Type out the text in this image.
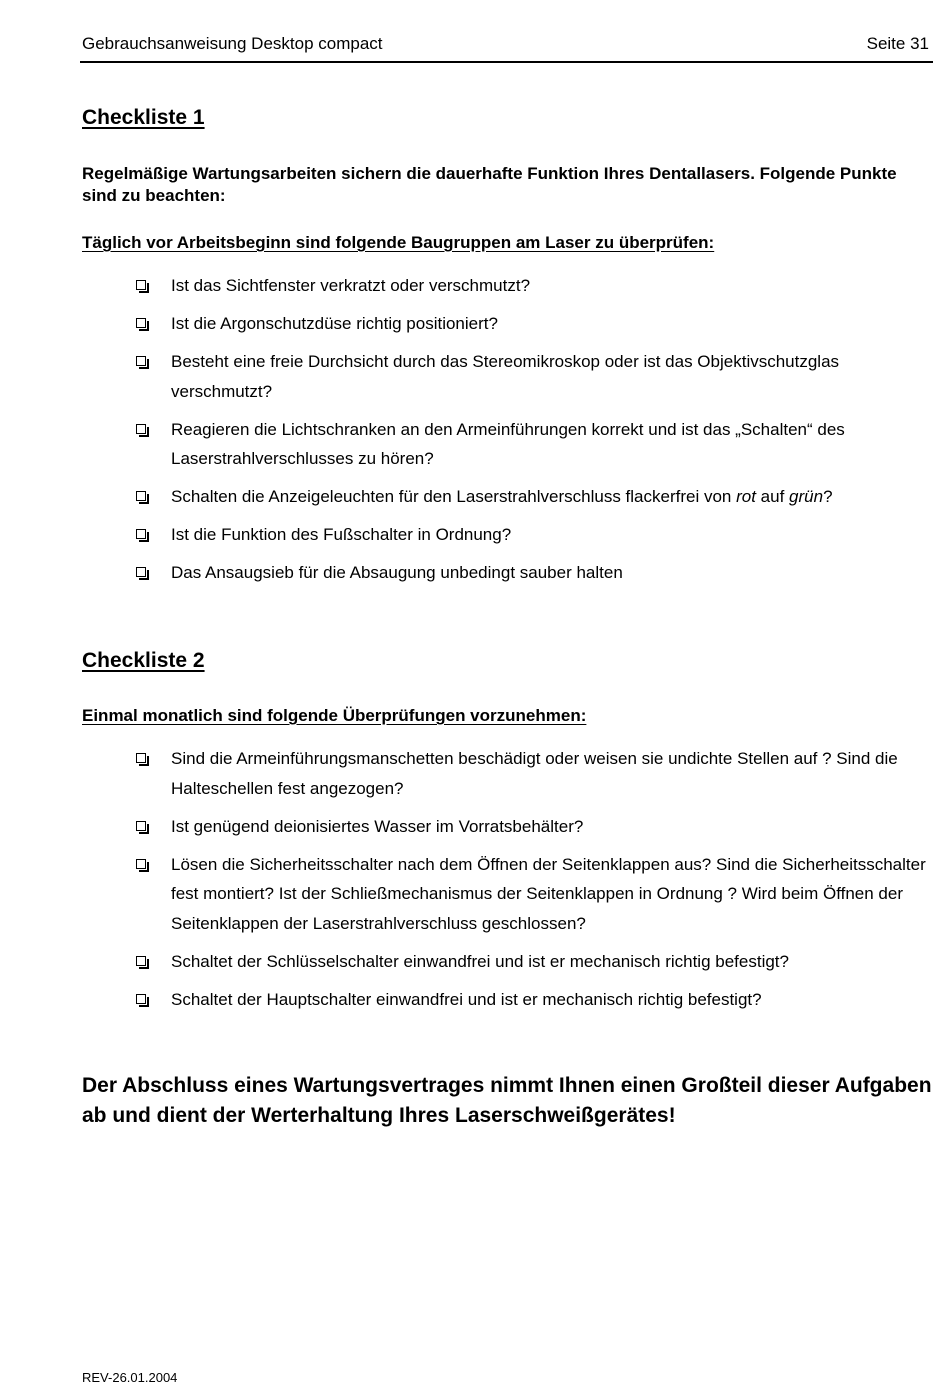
Gebrauchsanweisung Desktop compact	Seite 31
Checkliste 1
Regelmäßige Wartungsarbeiten sichern die dauerhafte Funktion Ihres Dentallasers. Folgende Punkte sind zu beachten:
Täglich vor Arbeitsbeginn sind folgende Baugruppen am Laser zu überprüfen:
Ist das Sichtfenster verkratzt oder verschmutzt?
Ist die Argonschutzdüse richtig positioniert?
Besteht eine freie Durchsicht durch das Stereomikroskop oder ist das Objektivschutzglas verschmutzt?
Reagieren die Lichtschranken an den Armeinführungen korrekt und ist das „Schalten“ des Laserstrahlverschlusses zu hören?
Schalten die Anzeigeleuchten für den Laserstrahlverschluss flackerfrei von rot auf grün?
Ist die Funktion des Fußschalter in Ordnung?
Das Ansaugsieb für die Absaugung unbedingt sauber halten
Checkliste 2
Einmal monatlich sind folgende Überprüfungen vorzunehmen:
Sind die Armeinführungsmanschetten beschädigt oder weisen sie undichte Stellen auf ? Sind die Halteschellen fest angezogen?
Ist genügend deionisiertes Wasser im Vorratsbehälter?
Lösen die Sicherheitsschalter nach dem Öffnen der Seitenklappen aus? Sind die Sicherheitsschalter fest montiert? Ist der Schließmechanismus der Seitenklappen in Ordnung ? Wird beim Öffnen der Seitenklappen der Laserstrahlverschluss geschlossen?
Schaltet der Schlüsselschalter einwandfrei und ist er mechanisch richtig befestigt?
Schaltet der Hauptschalter einwandfrei und ist er mechanisch richtig befestigt?
Der Abschluss eines Wartungsvertrages nimmt Ihnen einen Großteil dieser Aufgaben ab und dient der Werterhaltung Ihres Laserschweißgerätes!
REV-26.01.2004
